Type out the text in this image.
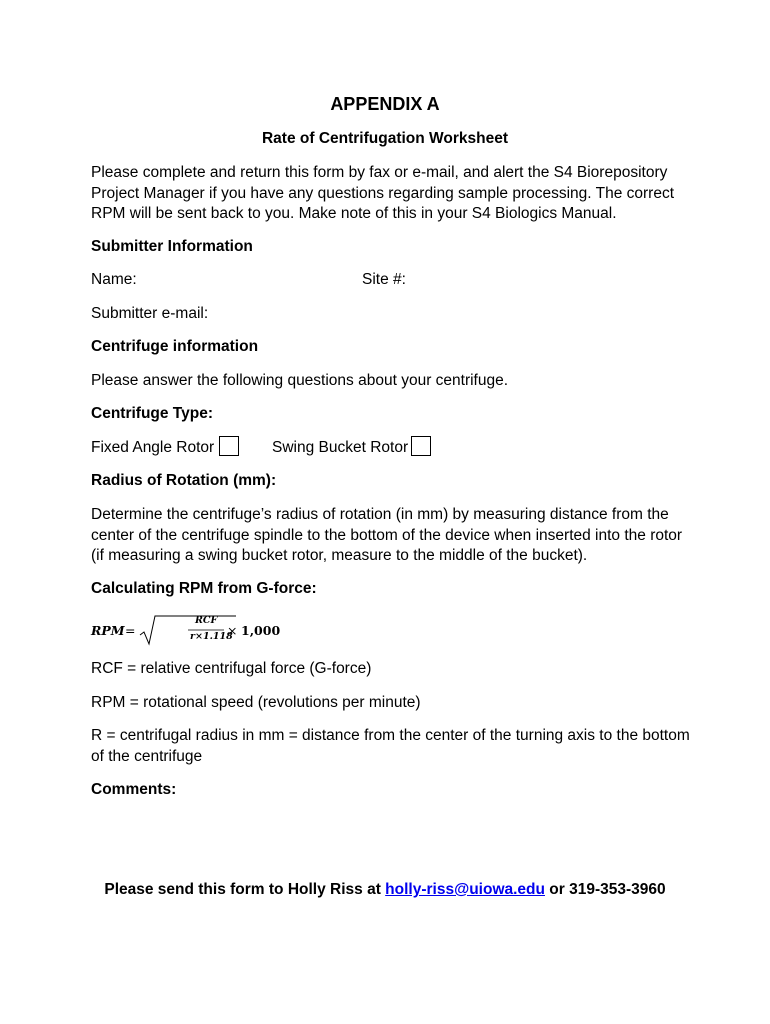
APPENDIX A
Rate of Centrifugation Worksheet
Please complete and return this form by fax or e-mail, and alert the S4 Biorepository Project Manager if you have any questions regarding sample processing. The correct RPM will be sent back to you. Make note of this in your S4 Biologics Manual.
Submitter Information
Name:	Site #:
Submitter e-mail:
Centrifuge information
Please answer the following questions about your centrifuge.
Centrifuge Type:
Fixed Angle Rotor	Swing Bucket Rotor
Radius of Rotation (mm):
Determine the centrifuge’s radius of rotation (in mm) by measuring distance from the center of the centrifuge spindle to the bottom of the device when inserted into the rotor (if measuring a swing bucket rotor, measure to the middle of the bucket).
Calculating RPM from G-force:
RPM =
RCF
r×1.118
× 1,000
RCF = relative centrifugal force (G-force)
RPM = rotational speed (revolutions per minute)
R = centrifugal radius in mm = distance from the center of the turning axis to the bottom of the centrifuge
Comments:
Please send this form to Holly Riss at holly-riss@uiowa.edu or 319-353-3960
